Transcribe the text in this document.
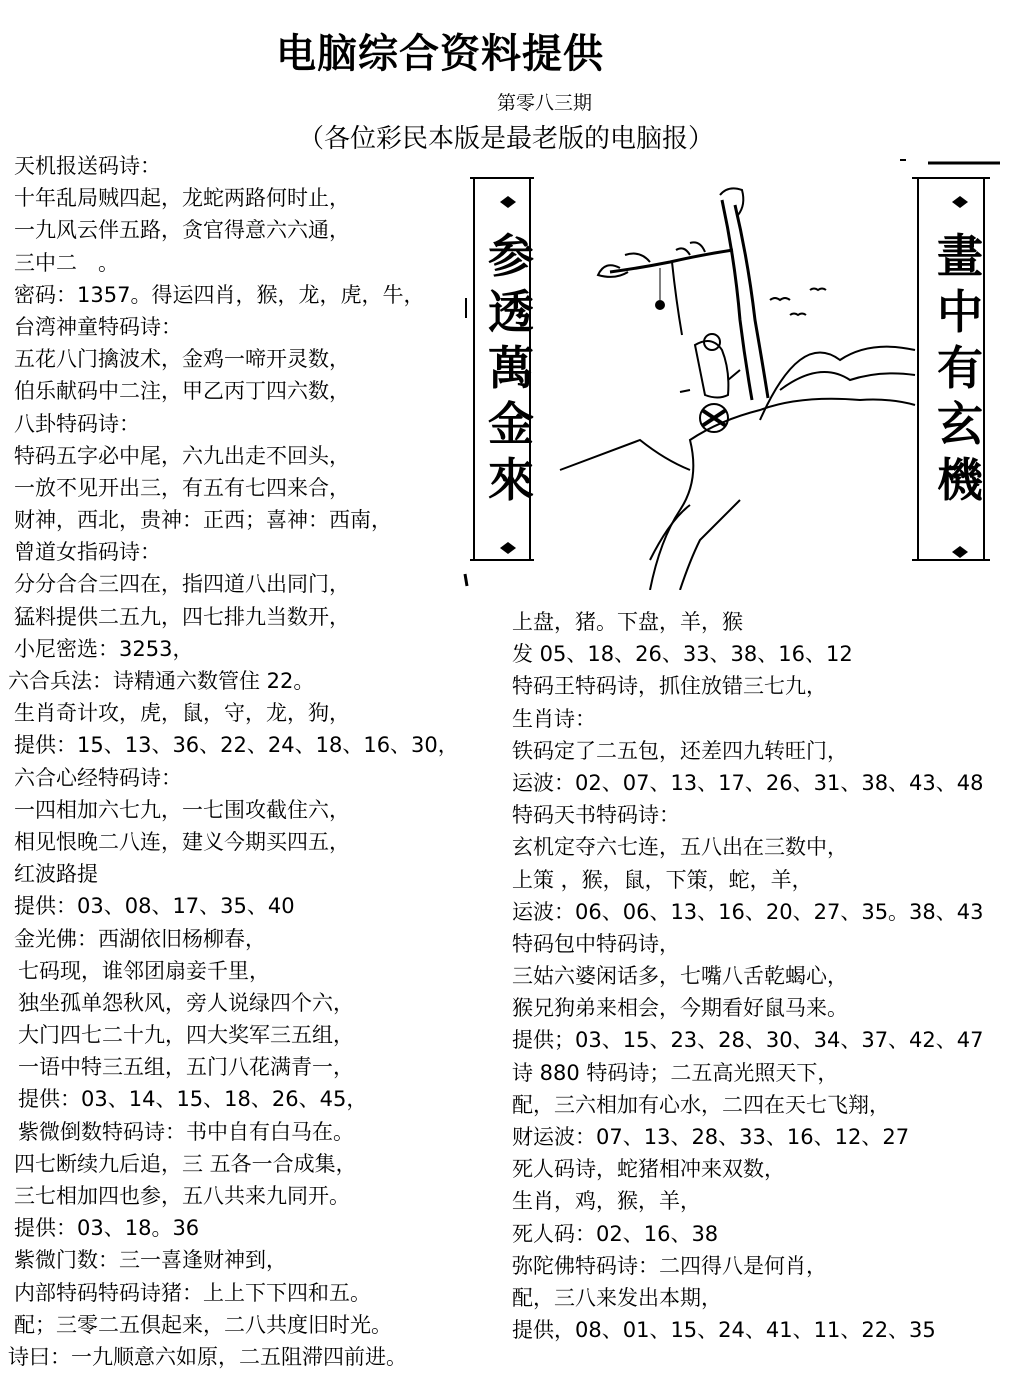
电脑综合资料提供
第零八三期
（各位彩民本版是最老版的电脑报）
参
透
萬
金
來
畫
中
有
玄
機
天机报送码诗：
十年乱局贼四起，龙蛇两路何时止，
一九风云伴五路，贪官得意六六通，
三中二　。
密码：1357。得运四肖，猴，龙，虎，牛，
台湾神童特码诗：
五花八门擒波术，金鸡一啼开灵数，
伯乐献码中二注，甲乙丙丁四六数，
八卦特码诗：
特码五字必中尾，六九出走不回头，
一放不见开出三，有五有七四来合，
财神，西北，贵神：正西；喜神：西南，
曾道女指码诗：
分分合合三四在，指四道八出同门，
猛料提供二五九，四七排九当数开，
小尼密选：3253，
六合兵法：诗精通六数管住 22。
生肖奇计攻，虎，鼠，守，龙，狗，
提供：15、13、36、22、24、18、16、30，
六合心经特码诗：
一四相加六七九，一七围攻截住六，
相见恨晚二八连，建义今期买四五，
红波路提
提供：03、08、17、35、40
金光佛：西湖依旧杨柳春，
七码现，谁邻团扇妾千里，
独坐孤单怨秋风，旁人说绿四个六，
大门四七二十九，四大奖军三五组，
一语中特三五组，五门八花满青一，
提供：03、14、15、18、26、45，
紫微倒数特码诗：书中自有白马在。
四七断续九后追，三 五各一合成集，
三七相加四也参，五八共来九同开。
提供：03、18。36
紫微门数：三一喜逢财神到，
内部特码特码诗猪：上上下下四和五。
配；三零二五倶起来，二八共度旧时光。
诗曰：一九顺意六如原，二五阻滞四前进。
上盘，猪。下盘，羊，猴
发 05、18、26、33、38、16、12
特码王特码诗，抓住放错三七九，
生肖诗：
铁码定了二五包，还差四九转旺门，
运波：02、07、13、17、26、31、38、43、48
特码天书特码诗：
玄机定夺六七连，五八出在三数中，
上策 ，猴，鼠，下策，蛇，羊，
运波：06、06、13、16、20、27、35。38、43
特码包中特码诗，
三姑六婆闲话多，七嘴八舌乾蝎心，
猴兄狗弟来相会，今期看好鼠马来。
提供；03、15、23、28、30、34、37、42、47
诗 880 特码诗；二五高光照天下，
配，三六相加有心水，二四在天七飞翔，
财运波：07、13、28、33、16、12、27
死人码诗，蛇猪相冲来双数，
生肖，鸡，猴，羊，
死人码：02、16、38
弥陀佛特码诗：二四得八是何肖，
配，三八来发出本期，
提供，08、01、15、24、41、11、22、35
